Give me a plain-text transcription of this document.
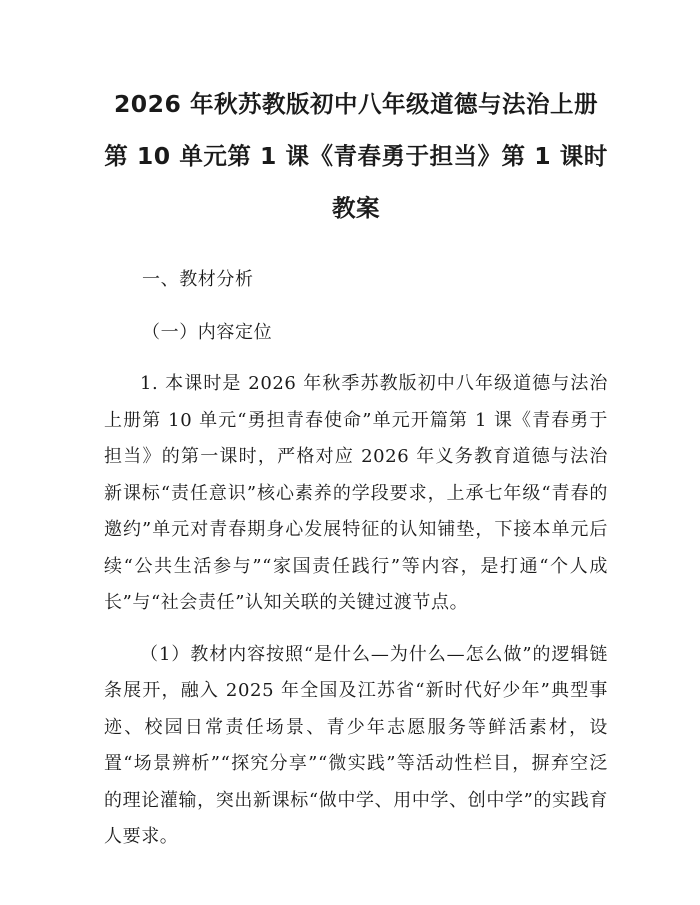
2026 年秋苏教版初中八年级道德与法治上册
第 10 单元第 1 课《青春勇于担当》第 1 课时
教案
一、教材分析
（一）内容定位

1. 本课时是 2026 年秋季苏教版初中八年级道德与法治上册第 10 单元“勇担青春使命”单元开篇第 1 课《青春勇于担当》的第一课时，严格对应 2026 年义务教育道德与法治新课标“责任意识”核心素养的学段要求，上承七年级“青春的邀约”单元对青春期身心发展特征的认知铺垫，下接本单元后续“公共生活参与”“家国责任践行”等内容，是打通“个人成长”与“社会责任”认知关联的关键过渡节点。

（1）教材内容按照“是什么—为什么—怎么做”的逻辑链条展开，融入 2025 年全国及江苏省“新时代好少年”典型事迹、校园日常责任场景、青少年志愿服务等鲜活素材，设置“场景辨析”“探究分享”“微实践”等活动性栏目，摒弃空泛的理论灌输，突出新课标“做中学、用中学、创中学”的实践育人要求。
